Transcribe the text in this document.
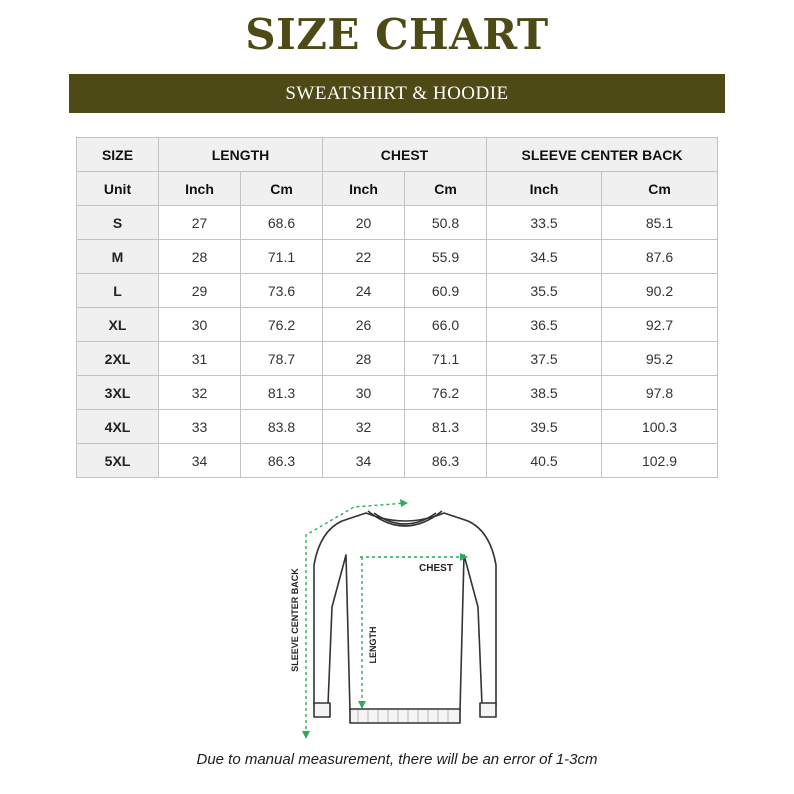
SIZE CHART
SWEATSHIRT & HOODIE
SIZE	LENGTH		CHEST		SLEEVE CENTER BACK	
Unit	Inch	Cm	Inch	Cm	Inch	Cm
S	27	68.6	20	50.8	33.5	85.1
M	28	71.1	22	55.9	34.5	87.6
L	29	73.6	24	60.9	35.5	90.2
XL	30	76.2	26	66.0	36.5	92.7
2XL	31	78.7	28	71.1	37.5	95.2
3XL	32	81.3	30	76.2	38.5	97.8
4XL	33	83.8	32	81.3	39.5	100.3
5XL	34	86.3	34	86.3	40.5	102.9
CHEST
LENGTH
SLEEVE CENTER BACK
Due to manual measurement, there will be an error of 1-3cm
